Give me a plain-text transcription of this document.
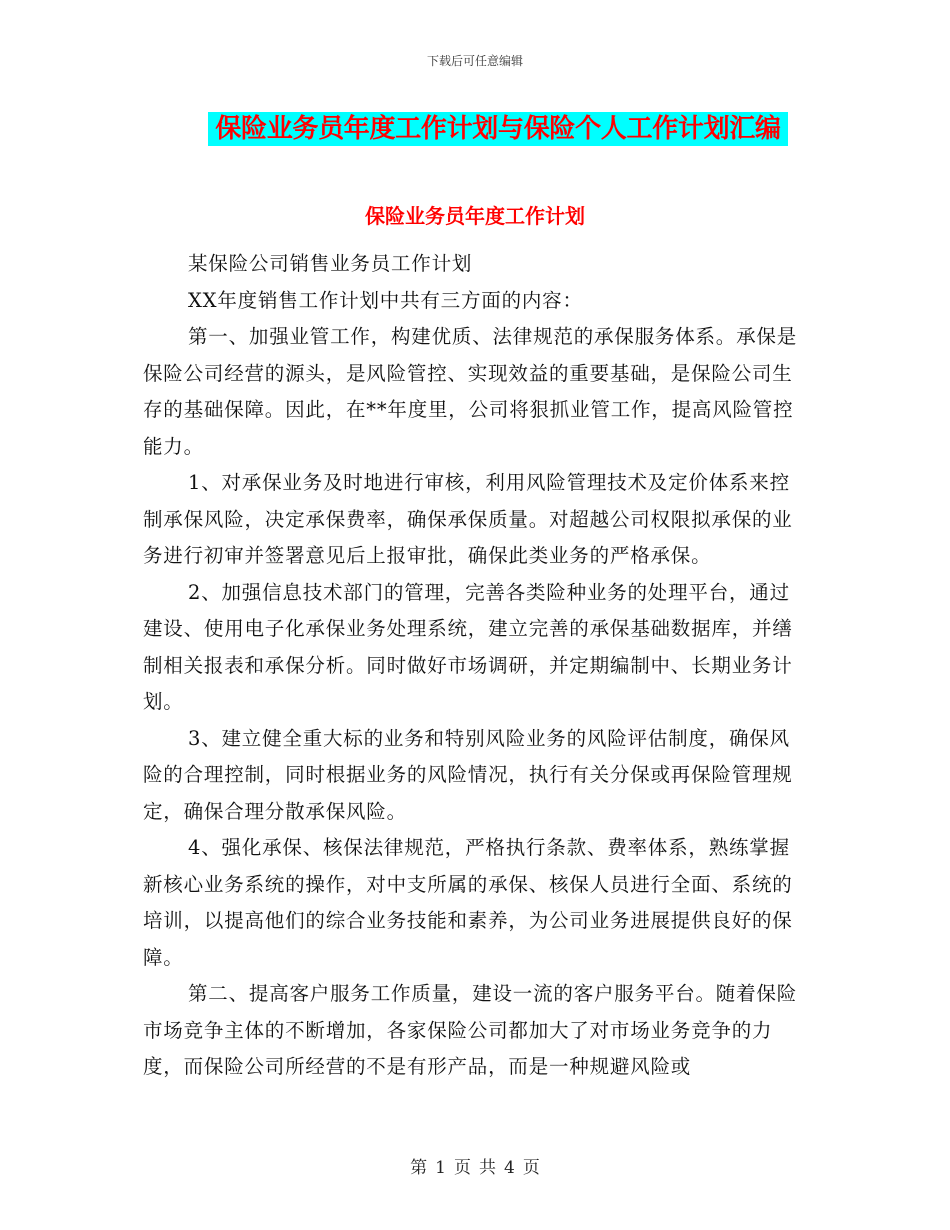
下载后可任意编辑
保险业务员年度工作计划与保险个人工作计划汇编
保险业务员年度工作计划

某保险公司销售业务员工作计划

XX年度销售工作计划中共有三方面的内容：

第一、加强业管工作，构建优质、法律规范的承保服务体系。承保是保险公司经营的源头，是风险管控、实现效益的重要基础，是保险公司生存的基础保障。因此，在**年度里，公司将狠抓业管工作，提高风险管控能力。

1、对承保业务及时地进行审核，利用风险管理技术及定价体系来控制承保风险，决定承保费率，确保承保质量。对超越公司权限拟承保的业务进行初审并签署意见后上报审批，确保此类业务的严格承保。

2、加强信息技术部门的管理，完善各类险种业务的处理平台，通过建设、使用电子化承保业务处理系统，建立完善的承保基础数据库，并缮制相关报表和承保分析。同时做好市场调研，并定期编制中、长期业务计划。

3、建立健全重大标的业务和特别风险业务的风险评估制度，确保风险的合理控制，同时根据业务的风险情况，执行有关分保或再保险管理规定，确保合理分散承保风险。

4、强化承保、核保法律规范，严格执行条款、费率体系，熟练掌握新核心业务系统的操作，对中支所属的承保、核保人员进行全面、系统的培训，以提高他们的综合业务技能和素养，为公司业务进展提供良好的保障。

第二、提高客户服务工作质量，建设一流的客户服务平台。随着保险市场竞争主体的不断增加，各家保险公司都加大了对市场业务竞争的力度，而保险公司所经营的不是有形产品，而是一种规避风险或

第 1 页 共 4 页
